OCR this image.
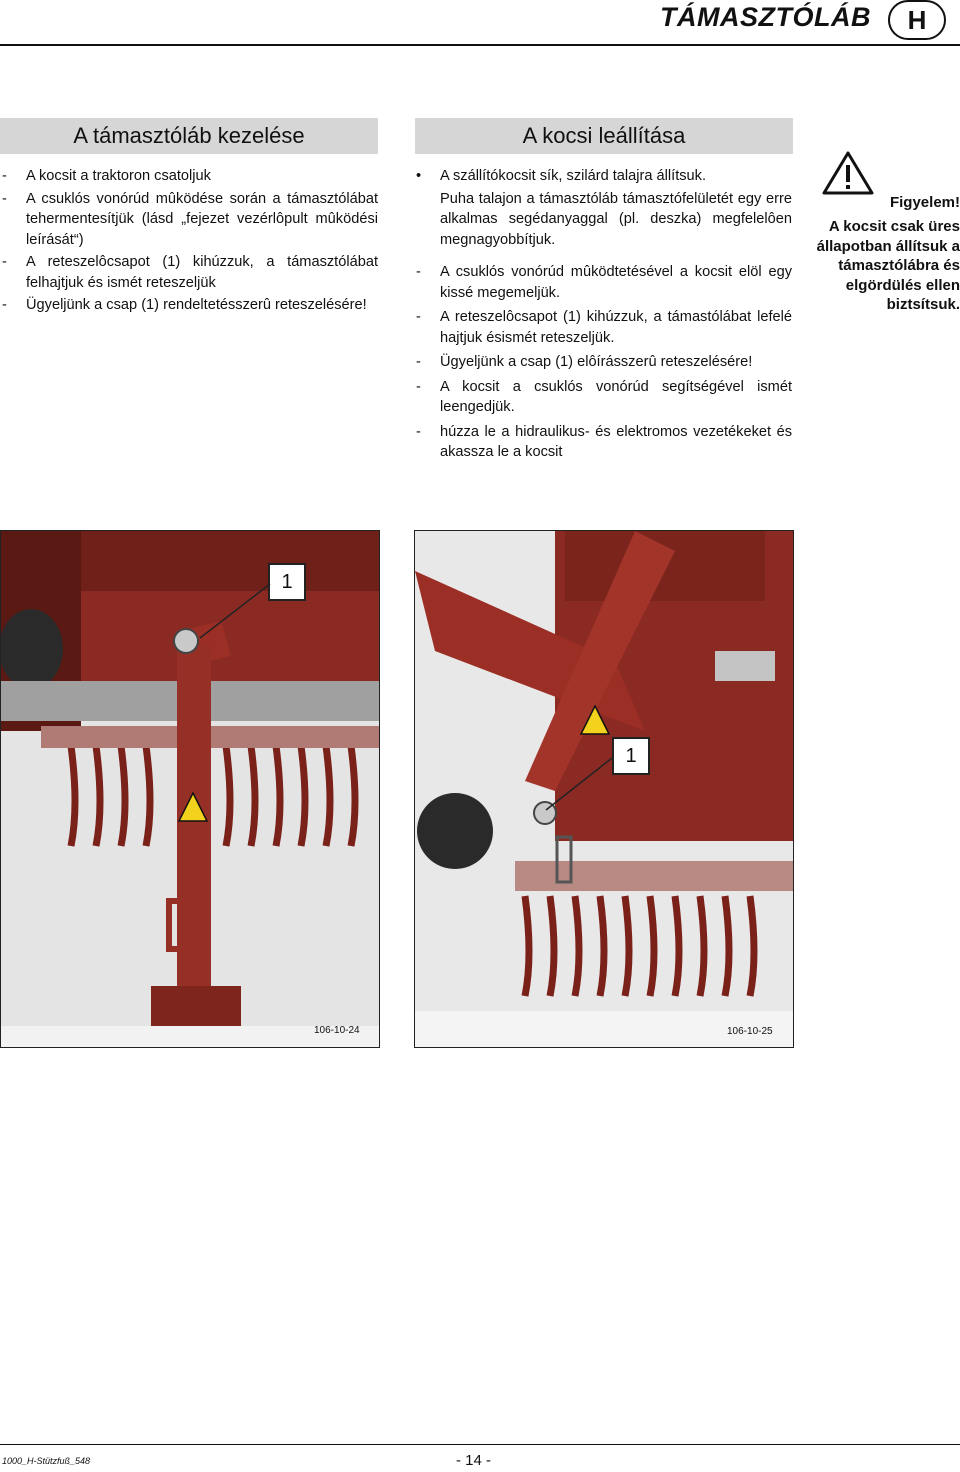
TÁMASZTÓLÁB	H
A támasztóláb kezelése

- A kocsit a traktoron csatoljuk

- A csuklós vonórúd mûködése során a támasztólábat tehermentesítjük (lásd „fejezet vezérlôpult mûködési leírását“)

- A reteszelôcsapot (1) kihúzzuk, a támasztólábat felhajtjuk és ismét reteszeljük

- Ügyeljünk a csap (1) rendeltetésszerû reteszelésére!

A kocsi leállítása

• A szállítókocsit sík, szilárd talajra állítsuk.

Puha talajon a támasztóláb támasztófelületét egy erre alkalmas segédanyaggal (pl. deszka) megfelelôen megnagyobbítjuk.

- A csuklós vonórúd mûködtetésével a kocsit elöl egy kissé megemeljük.

- A reteszelôcsapot (1) kihúzzuk, a támastólábat lefelé hajtjuk ésismét reteszeljük.

- Ügyeljünk a csap (1) elôírásszerû reteszelésére!

- A kocsit a csuklós vonórúd segítségével ismét leengedjük.

- húzza le a hidraulikus- és elektromos vezetékeket és akassza le a kocsit

Figyelem!
A kocsit csak üres állapotban állítsuk a támasztólábra és elgördülés ellen biztsítsuk.
1
106-10-24
1
106-10-25
1000_H-Stützfuß_548	- 14 -
